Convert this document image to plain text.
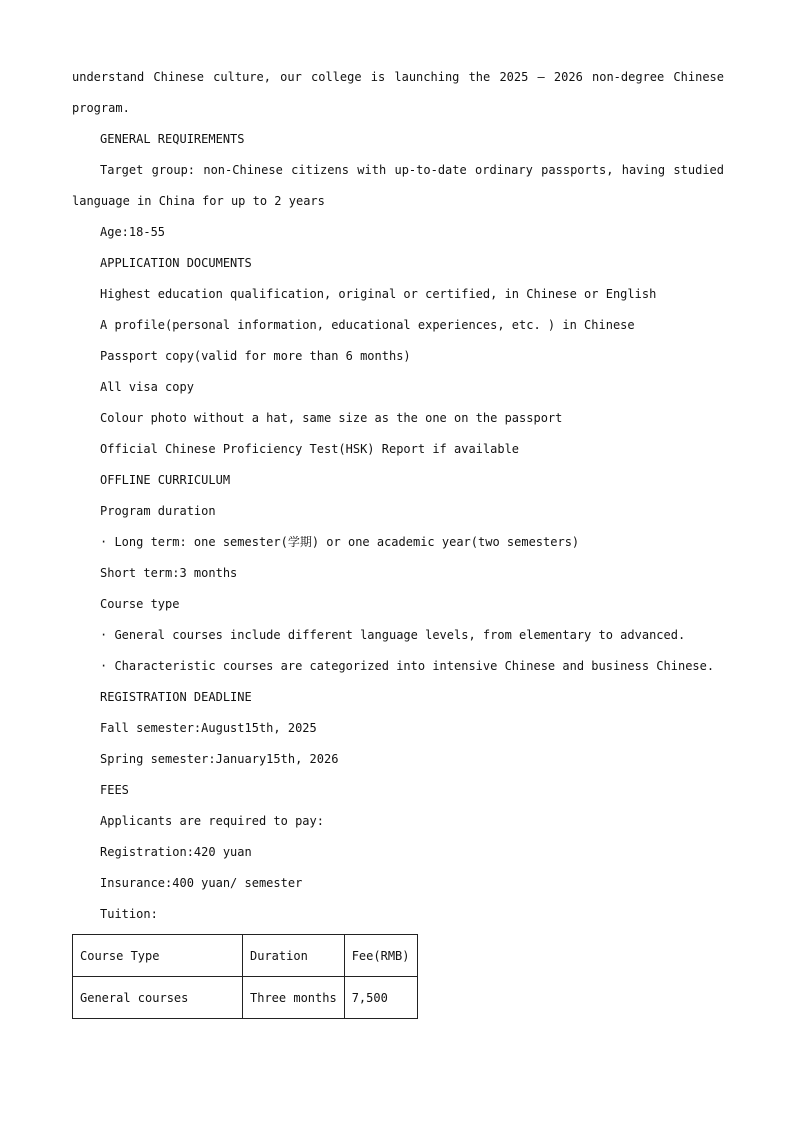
understand Chinese culture, our college is launching the 2025 — 2026 non-degree Chinese
program.
GENERAL REQUIREMENTS
Target group: non-Chinese citizens with up-to-date ordinary passports, having studied
language in China for up to 2 years
Age:18-55
APPLICATION DOCUMENTS
Highest education qualification, original or certified, in Chinese or English
A profile(personal information, educational experiences, etc. ) in Chinese
Passport copy(valid for more than 6 months)
All visa copy
Colour photo without a hat, same size as the one on the passport
Official Chinese Proficiency Test(HSK) Report if available
OFFLINE CURRICULUM
Program duration
· Long term: one semester(学期) or one academic year(two semesters)
Short term:3 months
Course type
· General courses include different language levels, from elementary to advanced.
· Characteristic courses are categorized into intensive Chinese and business Chinese.
REGISTRATION DEADLINE
Fall semester:August15th, 2025
Spring semester:January15th, 2026
FEES
Applicants are required to pay:
Registration:420 yuan
Insurance:400 yuan/ semester
Tuition:
Course Type	Duration	Fee(RMB)
General courses	Three months	7,500
